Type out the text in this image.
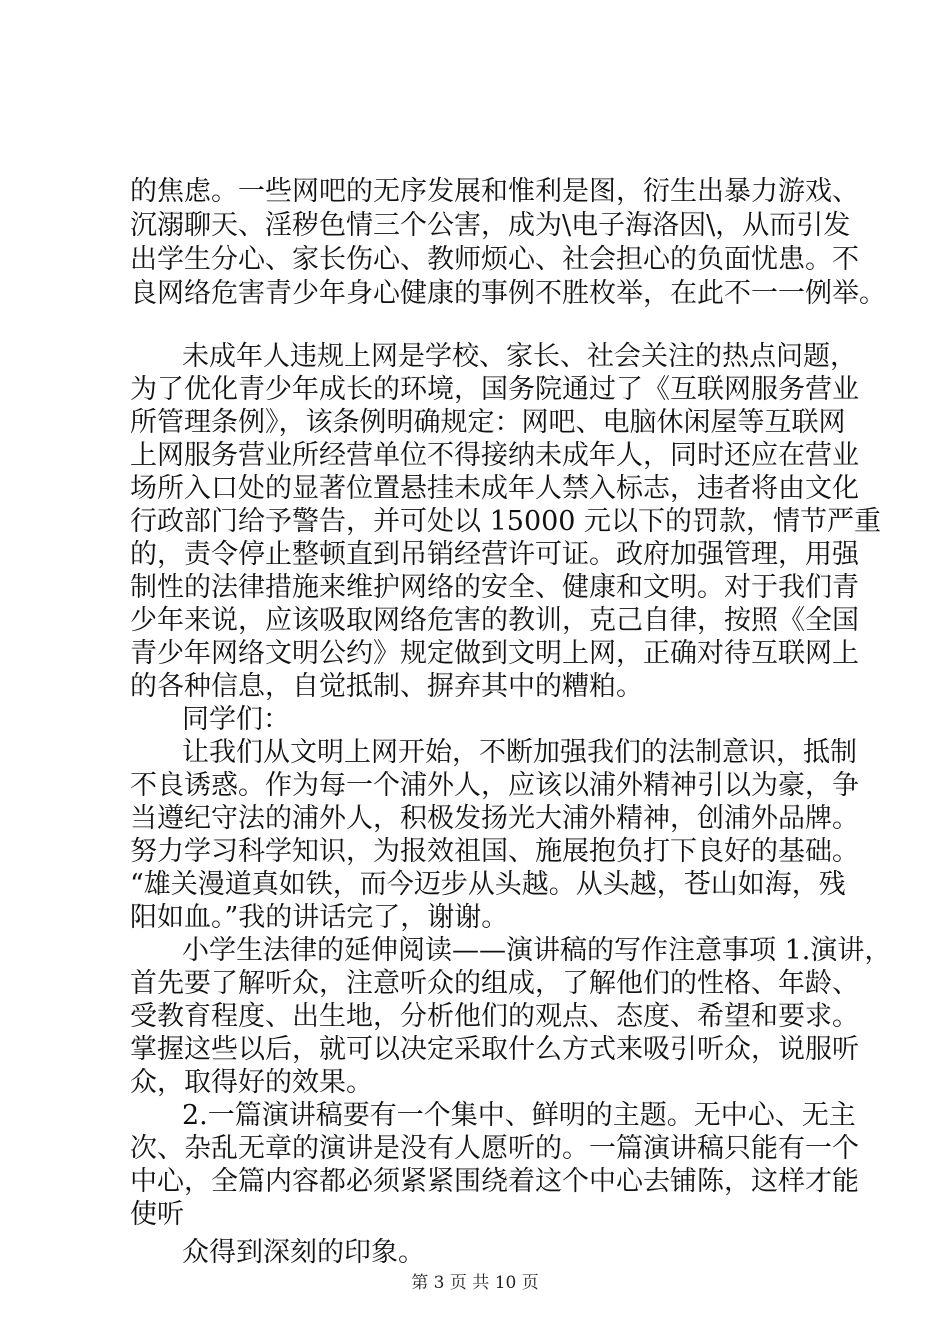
的焦虑。一些网吧的无序发展和惟利是图，衍生出暴力游戏、
沉溺聊天、淫秽色情三个公害，成为\电子海洛因\，从而引发
出学生分心、家长伤心、教师烦心、社会担心的负面忧患。不
良网络危害青少年身心健康的事例不胜枚举，在此不一一例举。
未成年人违规上网是学校、家长、社会关注的热点问题，
为了优化青少年成长的环境，国务院通过了《互联网服务营业
所管理条例》，该条例明确规定：网吧、电脑休闲屋等互联网
上网服务营业所经营单位不得接纳未成年人，同时还应在营业
场所入口处的显著位置悬挂未成年人禁入标志，违者将由文化
行政部门给予警告，并可处以 15000 元以下的罚款，情节严重
的，责令停止整顿直到吊销经营许可证。政府加强管理，用强
制性的法律措施来维护网络的安全、健康和文明。对于我们青
少年来说，应该吸取网络危害的教训，克己自律，按照《全国
青少年网络文明公约》规定做到文明上网，正确对待互联网上
的各种信息，自觉抵制、摒弃其中的糟粕。
同学们：
让我们从文明上网开始，不断加强我们的法制意识，抵制
不良诱惑。作为每一个浦外人，应该以浦外精神引以为豪，争
当遵纪守法的浦外人，积极发扬光大浦外精神，创浦外品牌。
努力学习科学知识，为报效祖国、施展抱负打下良好的基础。
“雄关漫道真如铁，而今迈步从头越。从头越，苍山如海，残
阳如血。”我的讲话完了，谢谢。
小学生法律的延伸阅读——演讲稿的写作注意事项 1.演讲，
首先要了解听众，注意听众的组成，了解他们的性格、年龄、
受教育程度、出生地，分析他们的观点、态度、希望和要求。
掌握这些以后，就可以决定采取什么方式来吸引听众，说服听
众，取得好的效果。
2.一篇演讲稿要有一个集中、鲜明的主题。无中心、无主
次、杂乱无章的演讲是没有人愿听的。一篇演讲稿只能有一个
中心，全篇内容都必须紧紧围绕着这个中心去铺陈，这样才能
使听
第 3 页 共 10 页
众得到深刻的印象。
